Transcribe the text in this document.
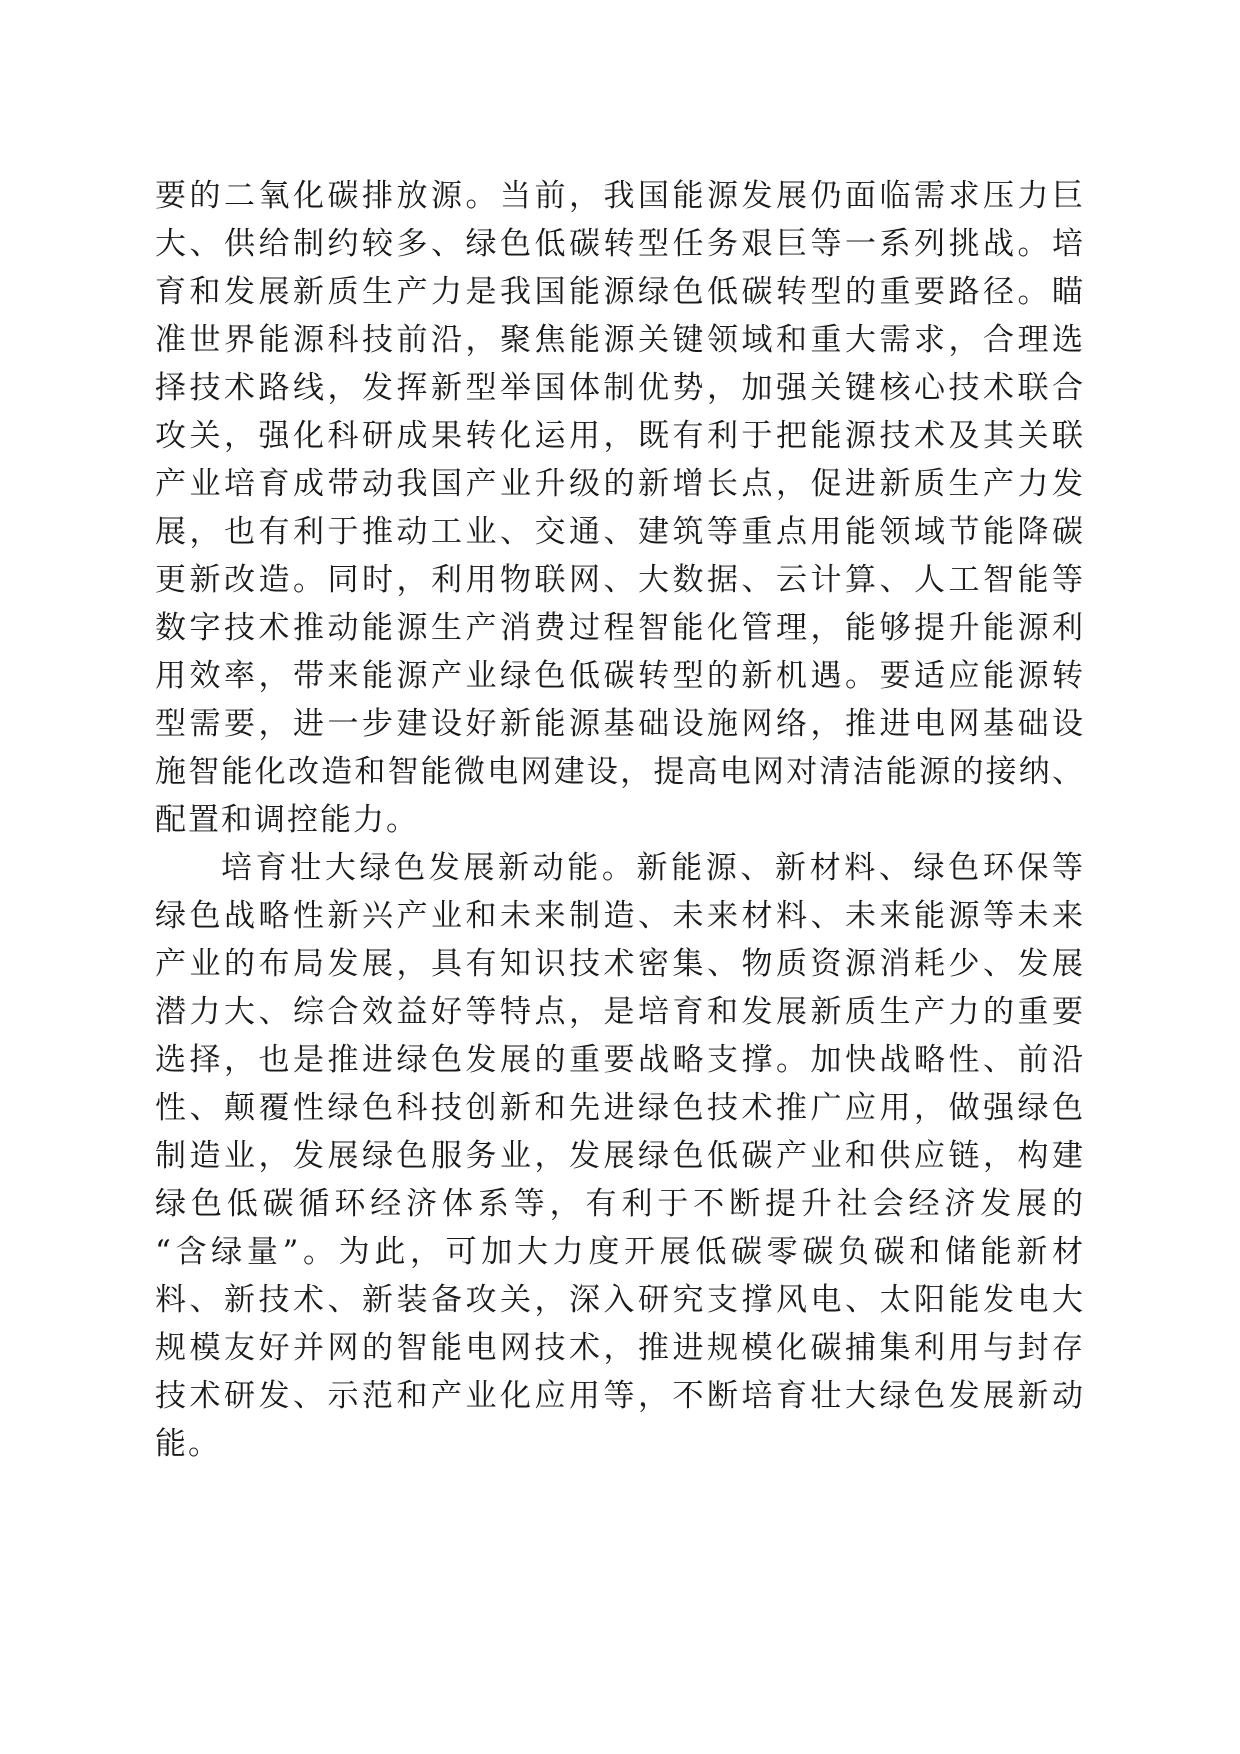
要的二氧化碳排放源。当前，我国能源发展仍面临需求压力巨
大、供给制约较多、绿色低碳转型任务艰巨等一系列挑战。培
育和发展新质生产力是我国能源绿色低碳转型的重要路径。瞄
准世界能源科技前沿，聚焦能源关键领域和重大需求，合理选
择技术路线，发挥新型举国体制优势，加强关键核心技术联合
攻关，强化科研成果转化运用，既有利于把能源技术及其关联
产业培育成带动我国产业升级的新增长点，促进新质生产力发
展，也有利于推动工业、交通、建筑等重点用能领域节能降碳
更新改造。同时，利用物联网、大数据、云计算、人工智能等
数字技术推动能源生产消费过程智能化管理，能够提升能源利
用效率，带来能源产业绿色低碳转型的新机遇。要适应能源转
型需要，进一步建设好新能源基础设施网络，推进电网基础设
施智能化改造和智能微电网建设，提高电网对清洁能源的接纳、
配置和调控能力。
培育壮大绿色发展新动能。新能源、新材料、绿色环保等
绿色战略性新兴产业和未来制造、未来材料、未来能源等未来
产业的布局发展，具有知识技术密集、物质资源消耗少、发展
潜力大、综合效益好等特点，是培育和发展新质生产力的重要
选择，也是推进绿色发展的重要战略支撑。加快战略性、前沿
性、颠覆性绿色科技创新和先进绿色技术推广应用，做强绿色
制造业，发展绿色服务业，发展绿色低碳产业和供应链，构建
绿色低碳循环经济体系等，有利于不断提升社会经济发展的
“含绿量”。为此，可加大力度开展低碳零碳负碳和储能新材
料、新技术、新装备攻关，深入研究支撑风电、太阳能发电大
规模友好并网的智能电网技术，推进规模化碳捕集利用与封存
技术研发、示范和产业化应用等，不断培育壮大绿色发展新动
能。
